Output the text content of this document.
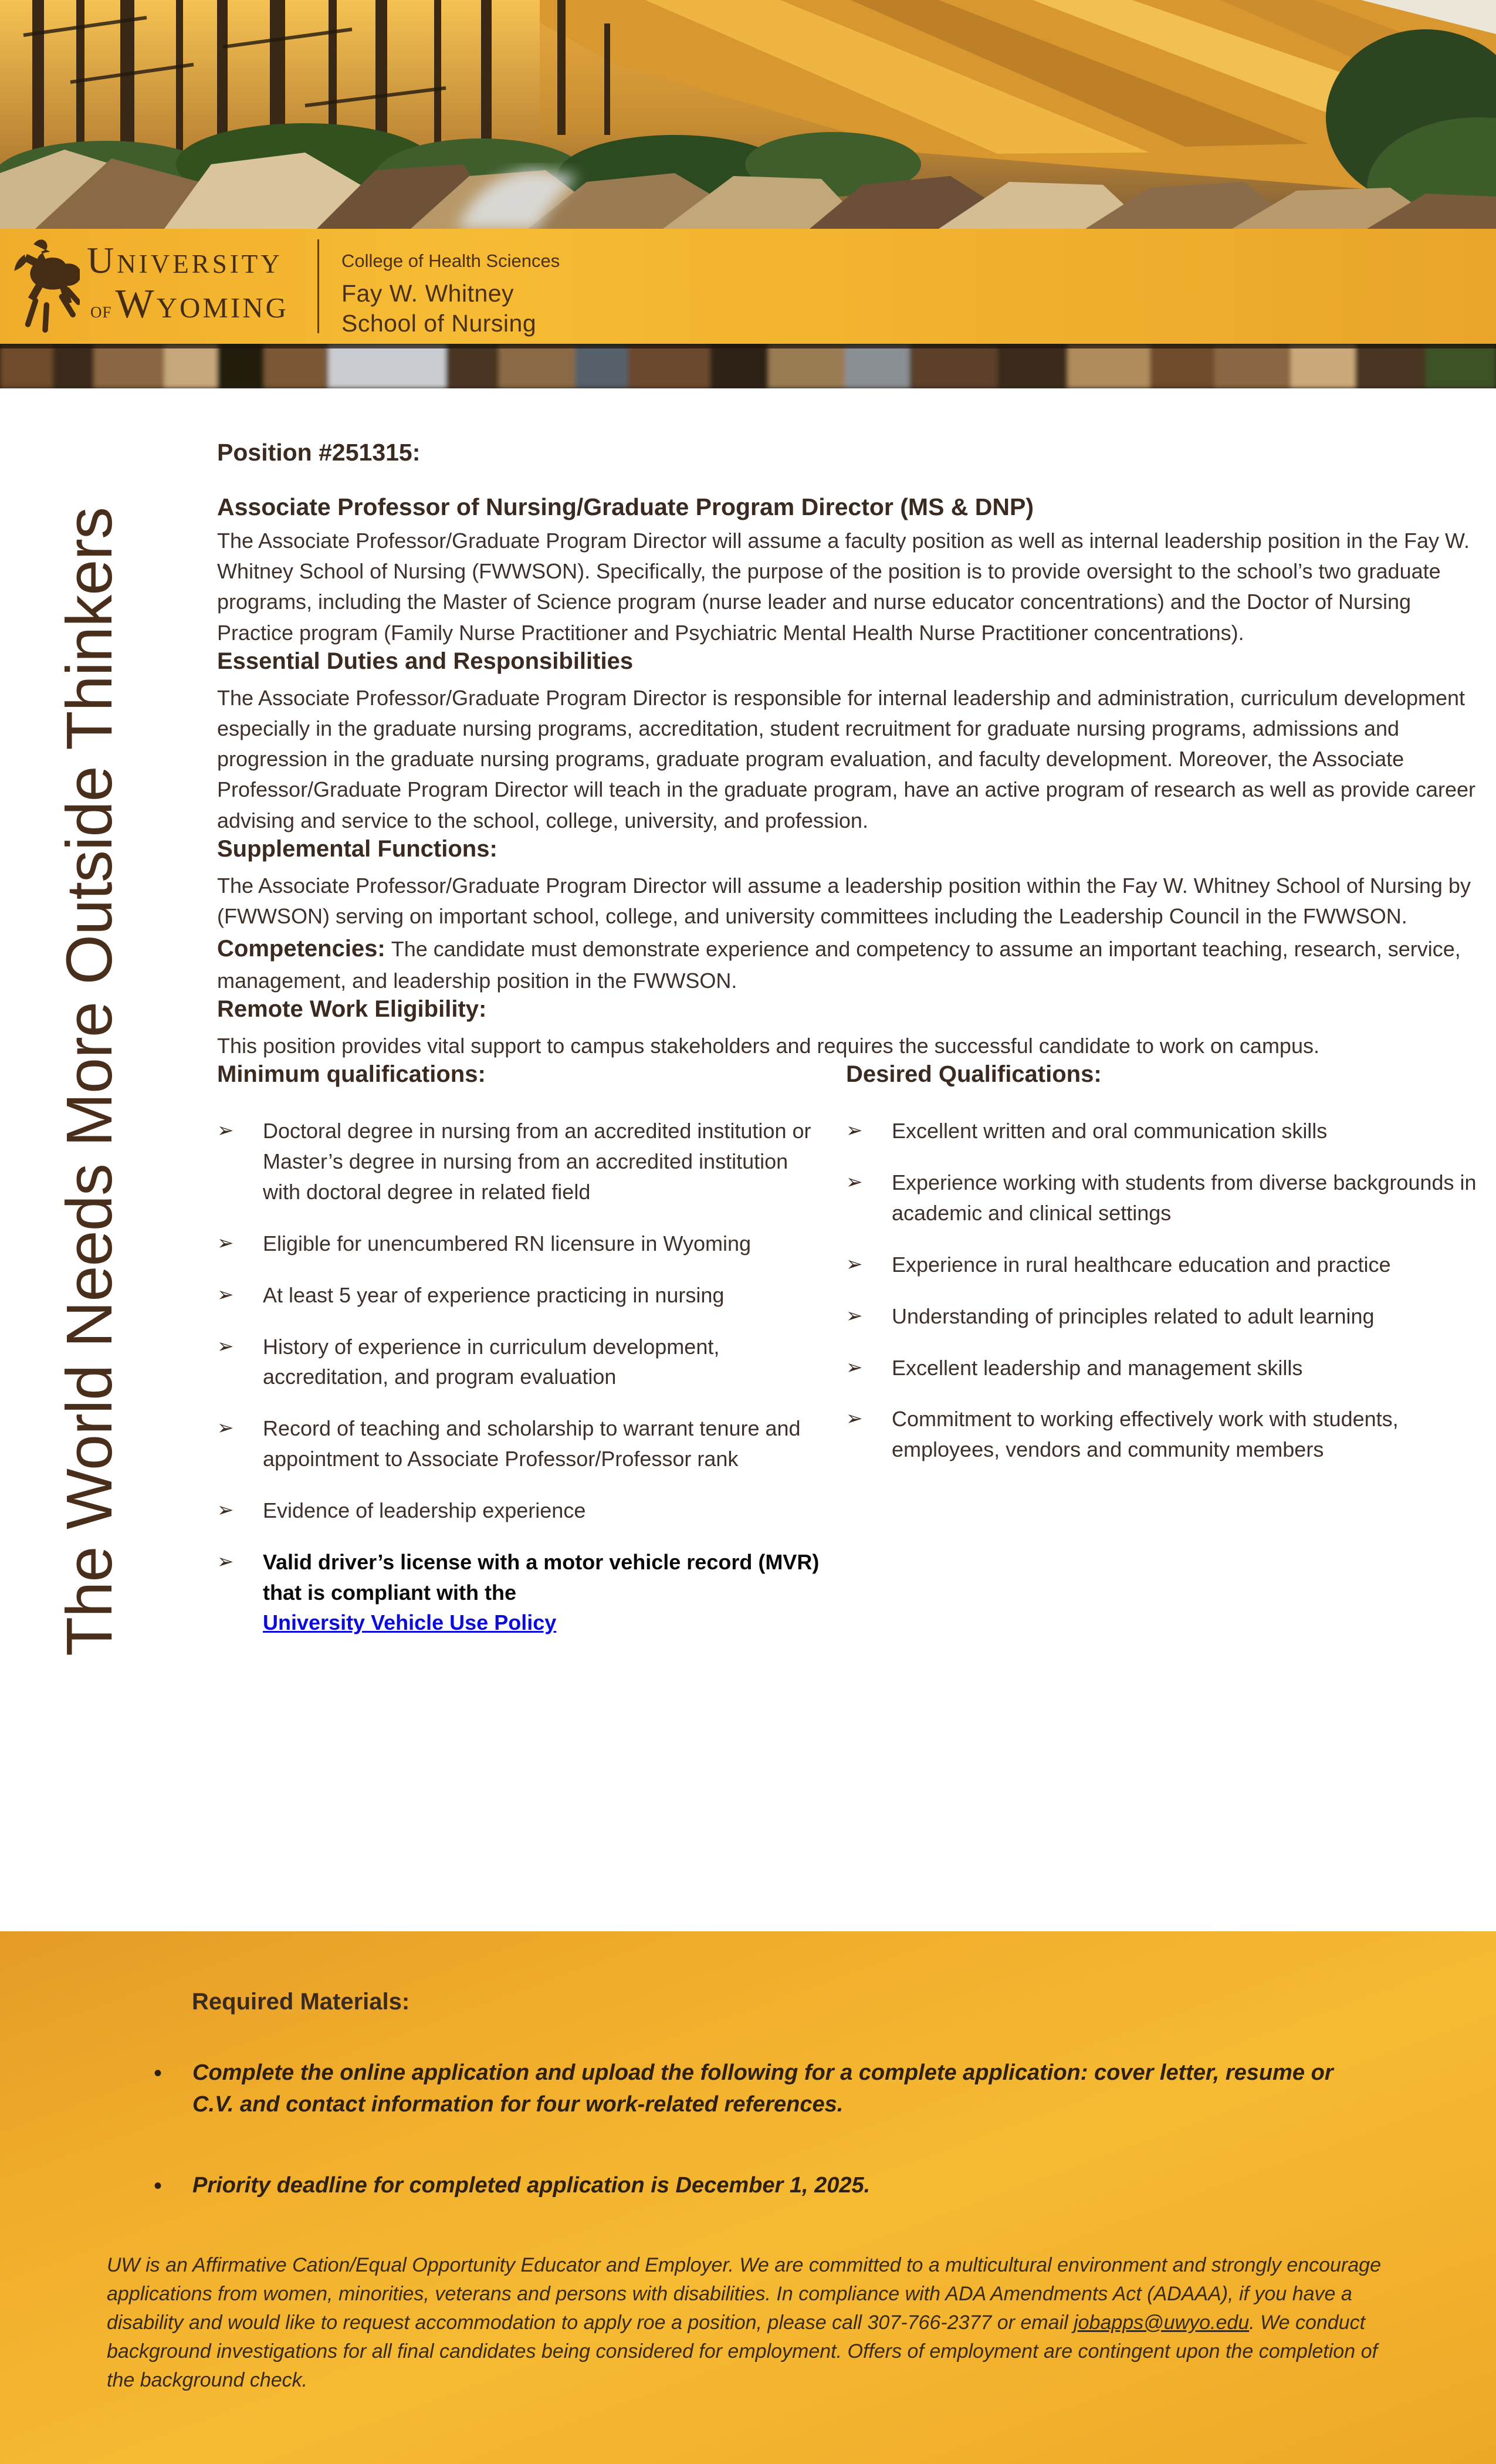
University
ofWyoming
College of Health Sciences
Fay W. Whitney
School of Nursing
The World Needs More Outside Thinkers
Position #251315:
Associate Professor of Nursing/Graduate Program Director (MS & DNP)

The Associate Professor/Graduate Program Director will assume a faculty position as well as internal leadership position in the Fay W. Whitney School of Nursing (FWWSON). Specifically, the purpose of the position is to provide oversight to the school’s two graduate programs, including the Master of Science program (nurse leader and nurse educator concentrations) and the Doctor of Nursing Practice program (Family Nurse Practitioner and Psychiatric Mental Health Nurse Practitioner concentrations).

Essential Duties and Responsibilities

The Associate Professor/Graduate Program Director is responsible for internal leadership and administration, curriculum development especially in the graduate nursing programs, accreditation, student recruitment for graduate nursing programs, admissions and progression in the graduate nursing programs, graduate program evaluation, and faculty development. Moreover, the Associate Professor/Graduate Program Director will teach in the graduate program, have an active program of research as well as provide career advising and service to the school, college, university, and profession.

Supplemental Functions:

The Associate Professor/Graduate Program Director will assume a leadership position within the Fay W. Whitney School of Nursing by (FWWSON) serving on important school, college, and university committees including the Leadership Council in the FWWSON.

Competencies: The candidate must demonstrate experience and competency to assume an important teaching, research, service, management, and leadership position in the FWWSON.

Remote Work Eligibility:

This position provides vital support to campus stakeholders and requires the successful candidate to work on campus.

Minimum qualifications:
➢	Doctoral degree in nursing from an accredited institution or Master’s degree in nursing from an accredited institution with doctoral degree in related field
➢	Eligible for unencumbered RN licensure in Wyoming
➢	At least 5 year of experience practicing in nursing
➢	History of experience in curriculum development, accreditation, and program evaluation
➢	Record of teaching and scholarship to warrant tenure and appointment to Associate Professor/Professor rank
➢	Evidence of leadership experience
➢	Valid driver’s license with a motor vehicle record (MVR) that is compliant with the
University Vehicle Use Policy
Desired Qualifications:
➢	Excellent written and oral communication skills
➢	Experience working with students from diverse backgrounds in academic and clinical settings
➢	Experience in rural healthcare education and practice
➢	Understanding of principles related to adult learning
➢	Excellent leadership and management skills
➢	Commitment to working effectively work with students, employees, vendors and community members
Required Materials:
•	Complete the online application and upload the following for a complete application: cover letter, resume or C.V. and contact information for four work-related references.
•	Priority deadline for completed application is December 1, 2025.

UW is an Affirmative Cation/Equal Opportunity Educator and Employer. We are committed to a multicultural environment and strongly encourage applications from women, minorities, veterans and persons with disabilities. In compliance with ADA Amendments Act (ADAAA), if you have a disability and would like to request accommodation to apply roe a position, please call 307-766-2377 or email jobapps@uwyo.edu. We conduct background investigations for all final candidates being considered for employment. Offers of employment are contingent upon the completion of the background check.
